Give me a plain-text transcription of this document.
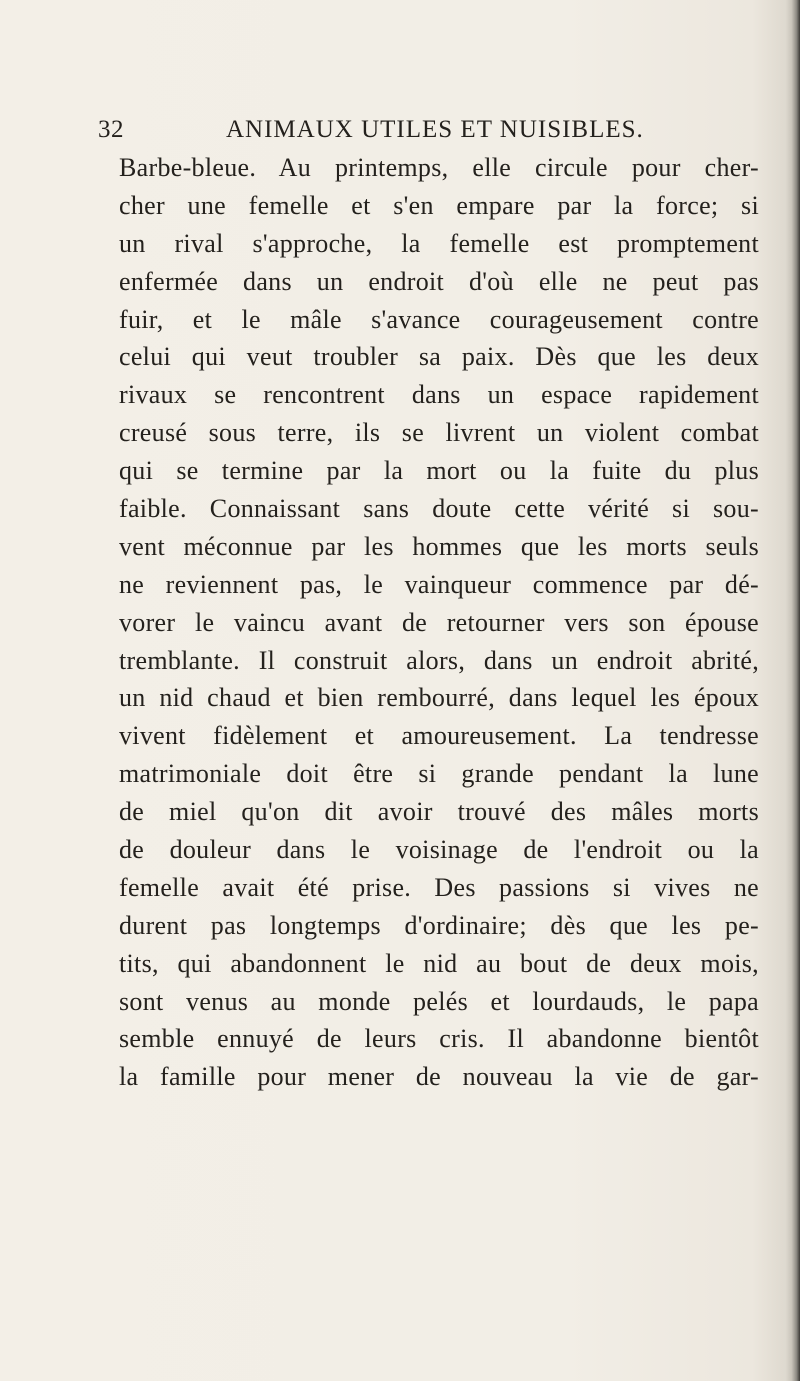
32	ANIMAUX UTILES ET NUISIBLES.
Barbe-bleue. Au printemps, elle circule pour cher-
cher une femelle et s'en empare par la force; si
un rival s'approche, la femelle est promptement
enfermée dans un endroit d'où elle ne peut pas
fuir, et le mâle s'avance courageusement contre
celui qui veut troubler sa paix. Dès que les deux
rivaux se rencontrent dans un espace rapidement
creusé sous terre, ils se livrent un violent combat
qui se termine par la mort ou la fuite du plus
faible. Connaissant sans doute cette vérité si sou-
vent méconnue par les hommes que les morts seuls
ne reviennent pas, le vainqueur commence par dé-
vorer le vaincu avant de retourner vers son épouse
tremblante. Il construit alors, dans un endroit abrité,
un nid chaud et bien rembourré, dans lequel les époux
vivent fidèlement et amoureusement. La tendresse
matrimoniale doit être si grande pendant la lune
de miel qu'on dit avoir trouvé des mâles morts
de douleur dans le voisinage de l'endroit ou la
femelle avait été prise. Des passions si vives ne
durent pas longtemps d'ordinaire; dès que les pe-
tits, qui abandonnent le nid au bout de deux mois,
sont venus au monde pelés et lourdauds, le papa
semble ennuyé de leurs cris. Il abandonne bientôt
la famille pour mener de nouveau la vie de gar-
